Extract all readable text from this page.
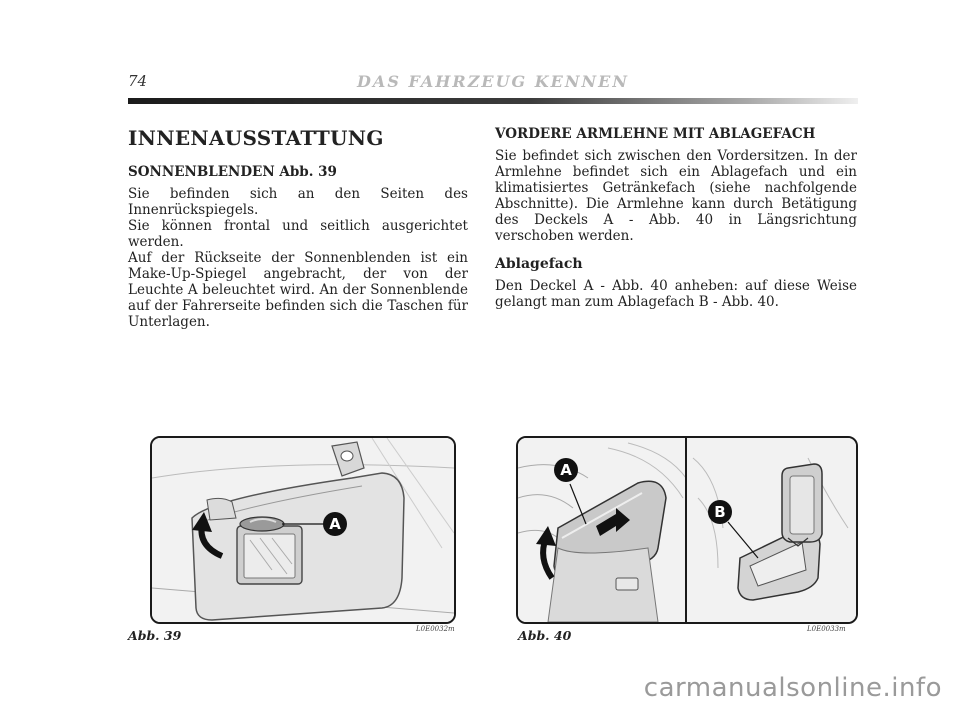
74	DAS FAHRZEUG KENNEN
INNENAUSSTATTUNG
SONNENBLENDEN Abb. 39

Sie befinden sich an den Seiten des Innenrückspiegels.

Sie können frontal und seitlich ausgerichtet werden.

Auf der Rückseite der Sonnenblenden ist ein Make-Up-Spiegel angebracht, der von der Leuchte A beleuchtet wird. An der Sonnenblende auf der Fahrerseite befinden sich die Taschen für Unterlagen.

VORDERE ARMLEHNE MIT ABLAGEFACH

Sie befindet sich zwischen den Vordersitzen. In der Armlehne befindet sich ein Ablagefach und ein klimatisiertes Getränkefach (siehe nachfolgende Abschnitte). Die Armlehne kann durch Betätigung des Deckels A - Abb. 40 in Längsrichtung verschoben werden.

Ablagefach

Den Deckel A - Abb. 40 anheben: auf diese Weise gelangt man zum Ablagefach B - Abb. 40.

A
Abb. 39	L0E0032m
A
B
Abb. 40	L0E0033m
carmanualsonline.info
